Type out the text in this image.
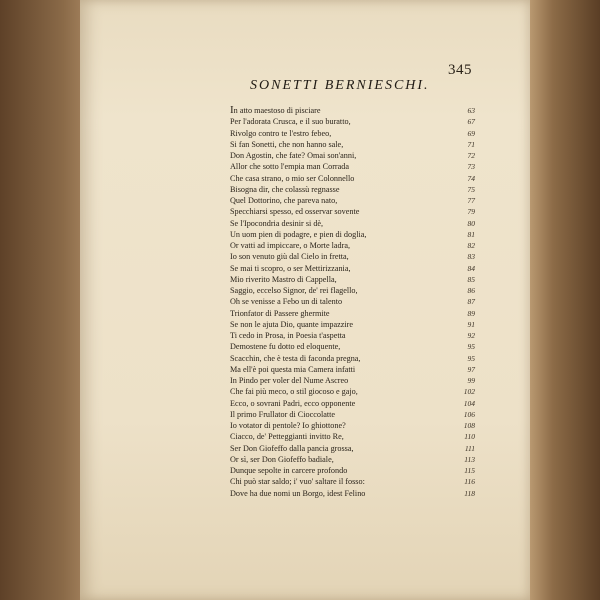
345
SONETTI BERNIESCHI.
In atto maestoso di pisciare	63
Per l'adorata Crusca, e il suo buratto,	67
Rivolgo contro te l'estro febeo,	69
Si fan Sonetti, che non hanno sale,	71
Don Agostin, che fate? Omai son'anni,	72
Allor che sotto l'empia man Corrada	73
Che casa strano, o mio ser Colonnello	74
Bisogna dir, che colassù regnasse	75
Quel Dottorino, che pareva nato,	77
Specchiarsi spesso, ed osservar sovente	79
Se l'Ipocondria desinir si dè,	80
Un uom pien di podagre, e pien di doglia,	81
Or vatti ad impiccare, o Morte ladra,	82
Io son venuto giù dal Cielo in fretta,	83
Se mai ti scopro, o ser Mettirizzania,	84
Mio riverito Mastro di Cappella,	85
Saggio, eccelso Signor, de' rei flagello,	86
Oh se venisse a Febo un di talento	87
Trionfator di Passere ghermite	89
Se non le ajuta Dio, quante impazzire	91
Ti cedo in Prosa, in Poesia t'aspetta	92
Demostene fu dotto ed eloquente,	95
Scacchin, che è testa di faconda pregna,	95
Ma ell'è poi questa mia Camera infatti	97
In Pindo per voler del Nume Ascreo	99
Che fai più meco, o stil giocoso e gajo,	102
Ecco, o sovrani Padri, ecco opponente	104
Il primo Frullator di Cioccolatte	106
Io votator di pentole? Io ghiottone?	108
Ciacco, de' Petteggianti invitto Re,	110
Ser Don Giofeffo dalla pancia grossa,	111
Or sì, ser Don Giofeffo badiale,	113
Dunque sepolte in carcere profondo	115
Chi può star saldo; i' vuo' saltare il fosso:	116
Dove ha due nomi un Borgo, idest Felino	118
